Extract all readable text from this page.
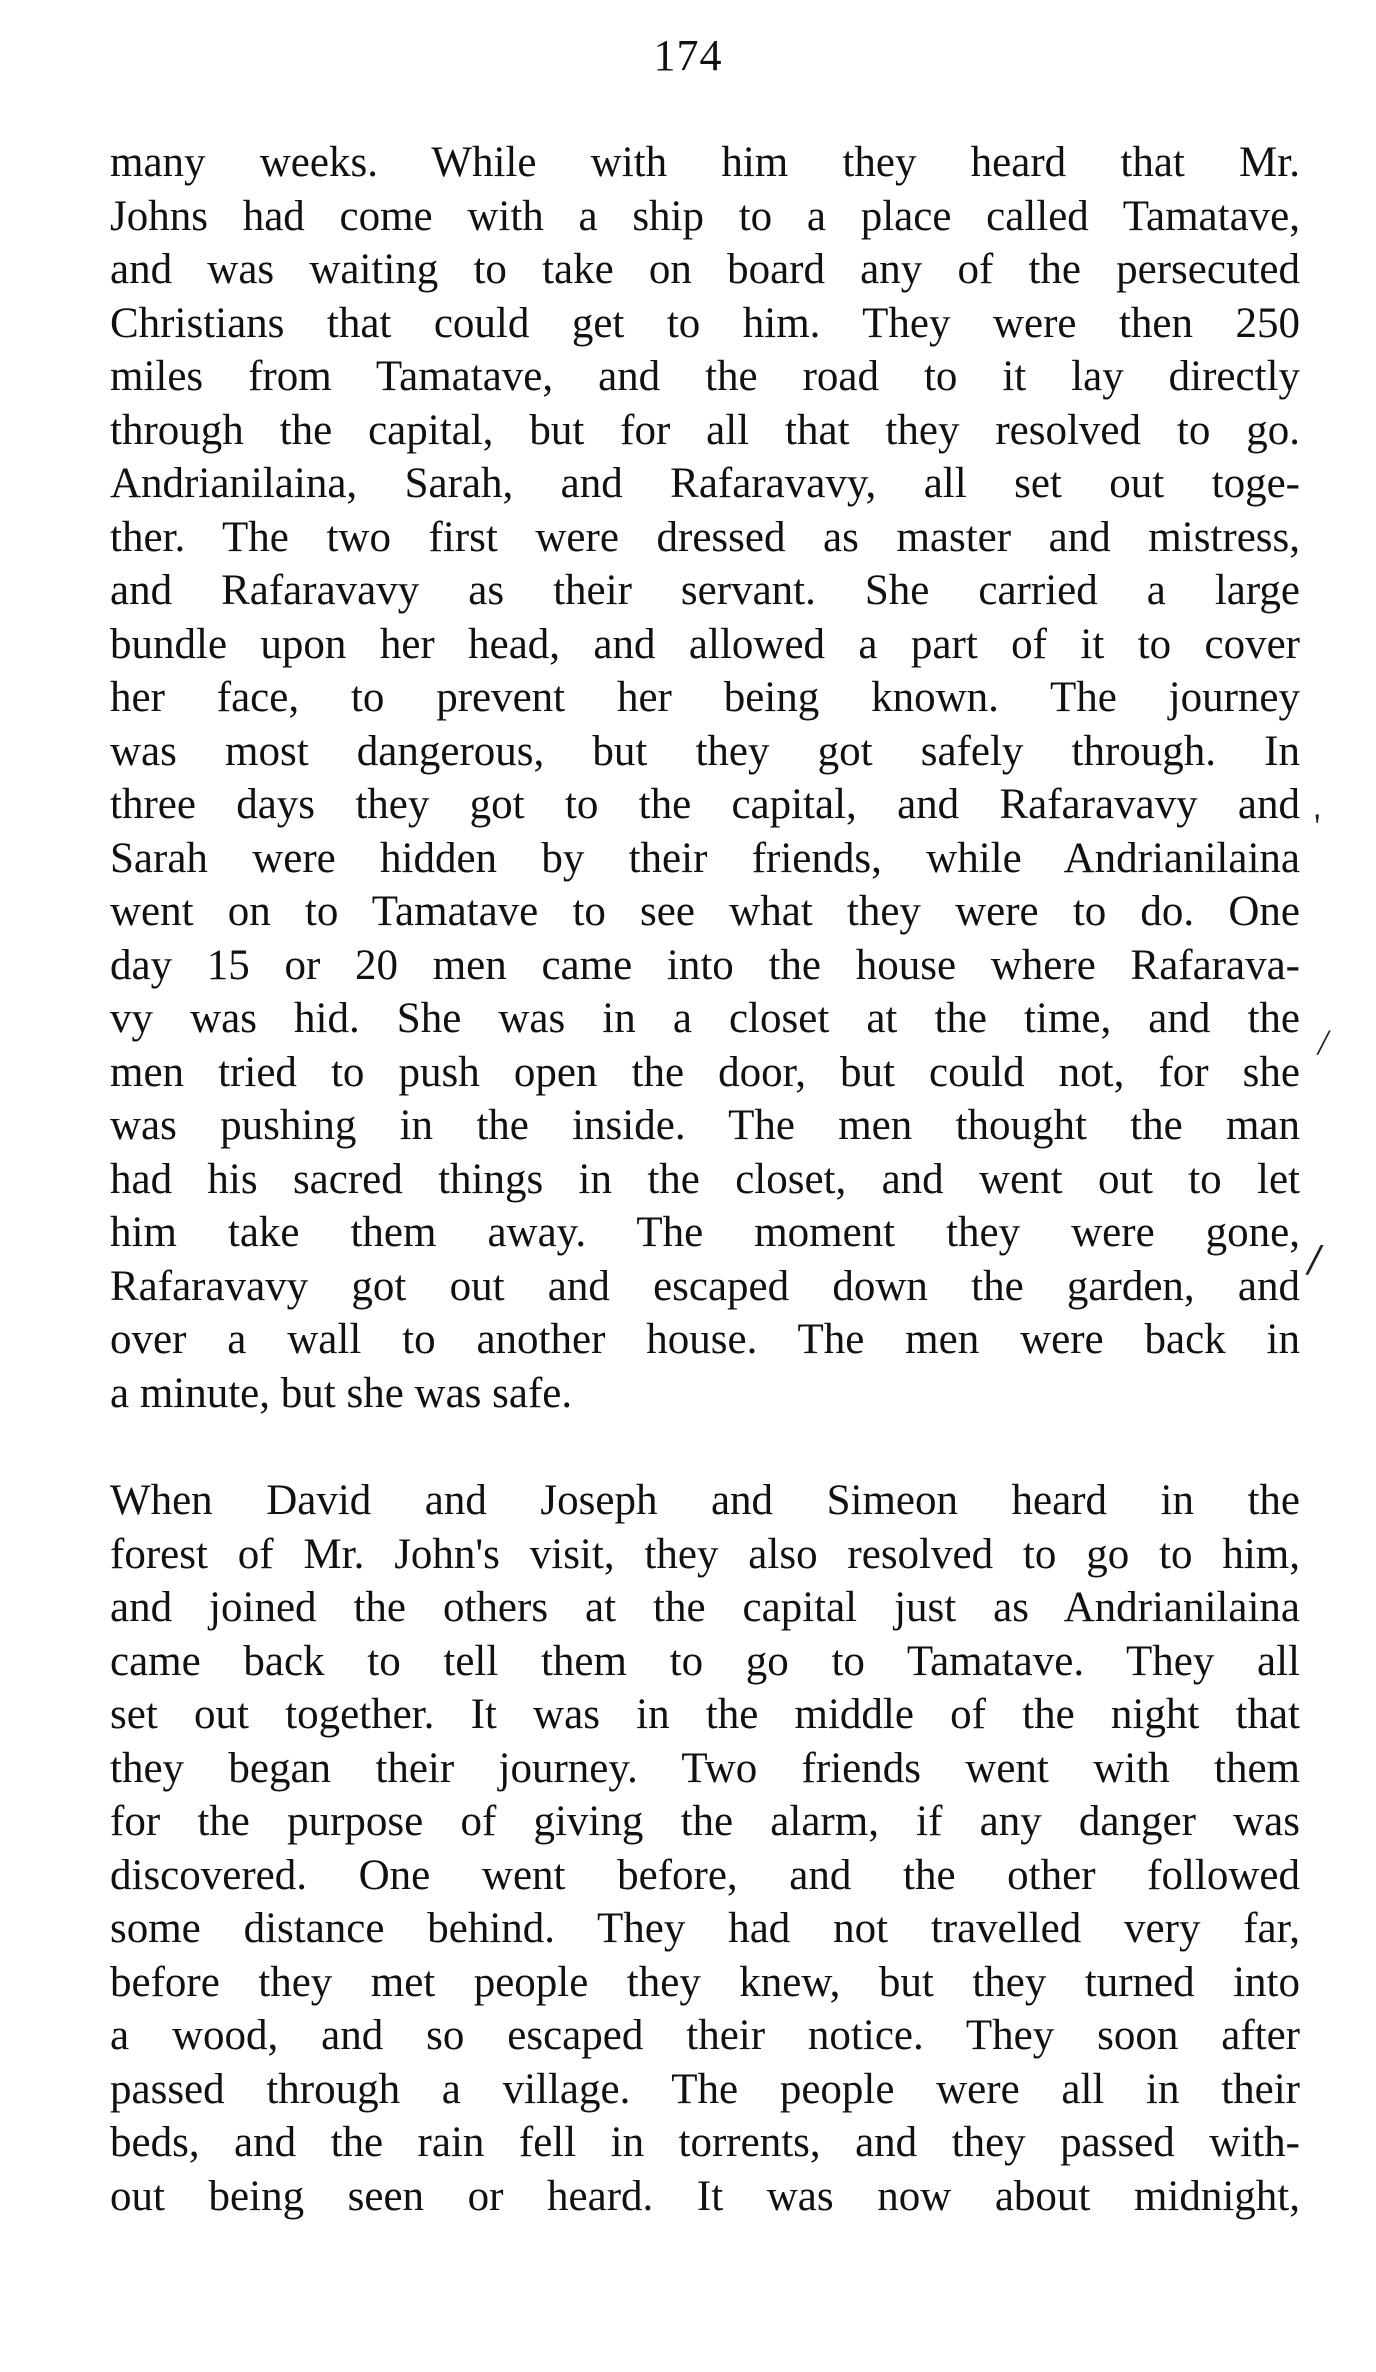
174
many weeks. While with him they heard that Mr.
Johns had come with a ship to a place called Tamatave,
and was waiting to take on board any of the persecuted
Christians that could get to him. They were then 250
miles from Tamatave, and the road to it lay directly
through the capital, but for all that they resolved to go.
Andrianilaina, Sarah, and Rafaravavy, all set out toge-
ther. The two first were dressed as master and mistress,
and Rafaravavy as their servant. She carried a large
bundle upon her head, and allowed a part of it to cover
her face, to prevent her being known. The journey
was most dangerous, but they got safely through. In
three days they got to the capital, and Rafaravavy and
Sarah were hidden by their friends, while Andrianilaina
went on to Tamatave to see what they were to do. One
day 15 or 20 men came into the house where Rafarava-
vy was hid. She was in a closet at the time, and the
men tried to push open the door, but could not, for she
was pushing in the inside. The men thought the man
had his sacred things in the closet, and went out to let
him take them away. The moment they were gone,
Rafaravavy got out and escaped down the garden, and
over a wall to another house. The men were back in
a minute, but she was safe.
When David and Joseph and Simeon heard in the
forest of Mr. John's visit, they also resolved to go to him,
and joined the others at the capital just as Andrianilaina
came back to tell them to go to Tamatave. They all
set out together. It was in the middle of the night that
they began their journey. Two friends went with them
for the purpose of giving the alarm, if any danger was
discovered. One went before, and the other followed
some distance behind. They had not travelled very far,
before they met people they knew, but they turned into
a wood, and so escaped their notice. They soon after
passed through a village. The people were all in their
beds, and the rain fell in torrents, and they passed with-
out being seen or heard. It was now about midnight,
'
/
/
